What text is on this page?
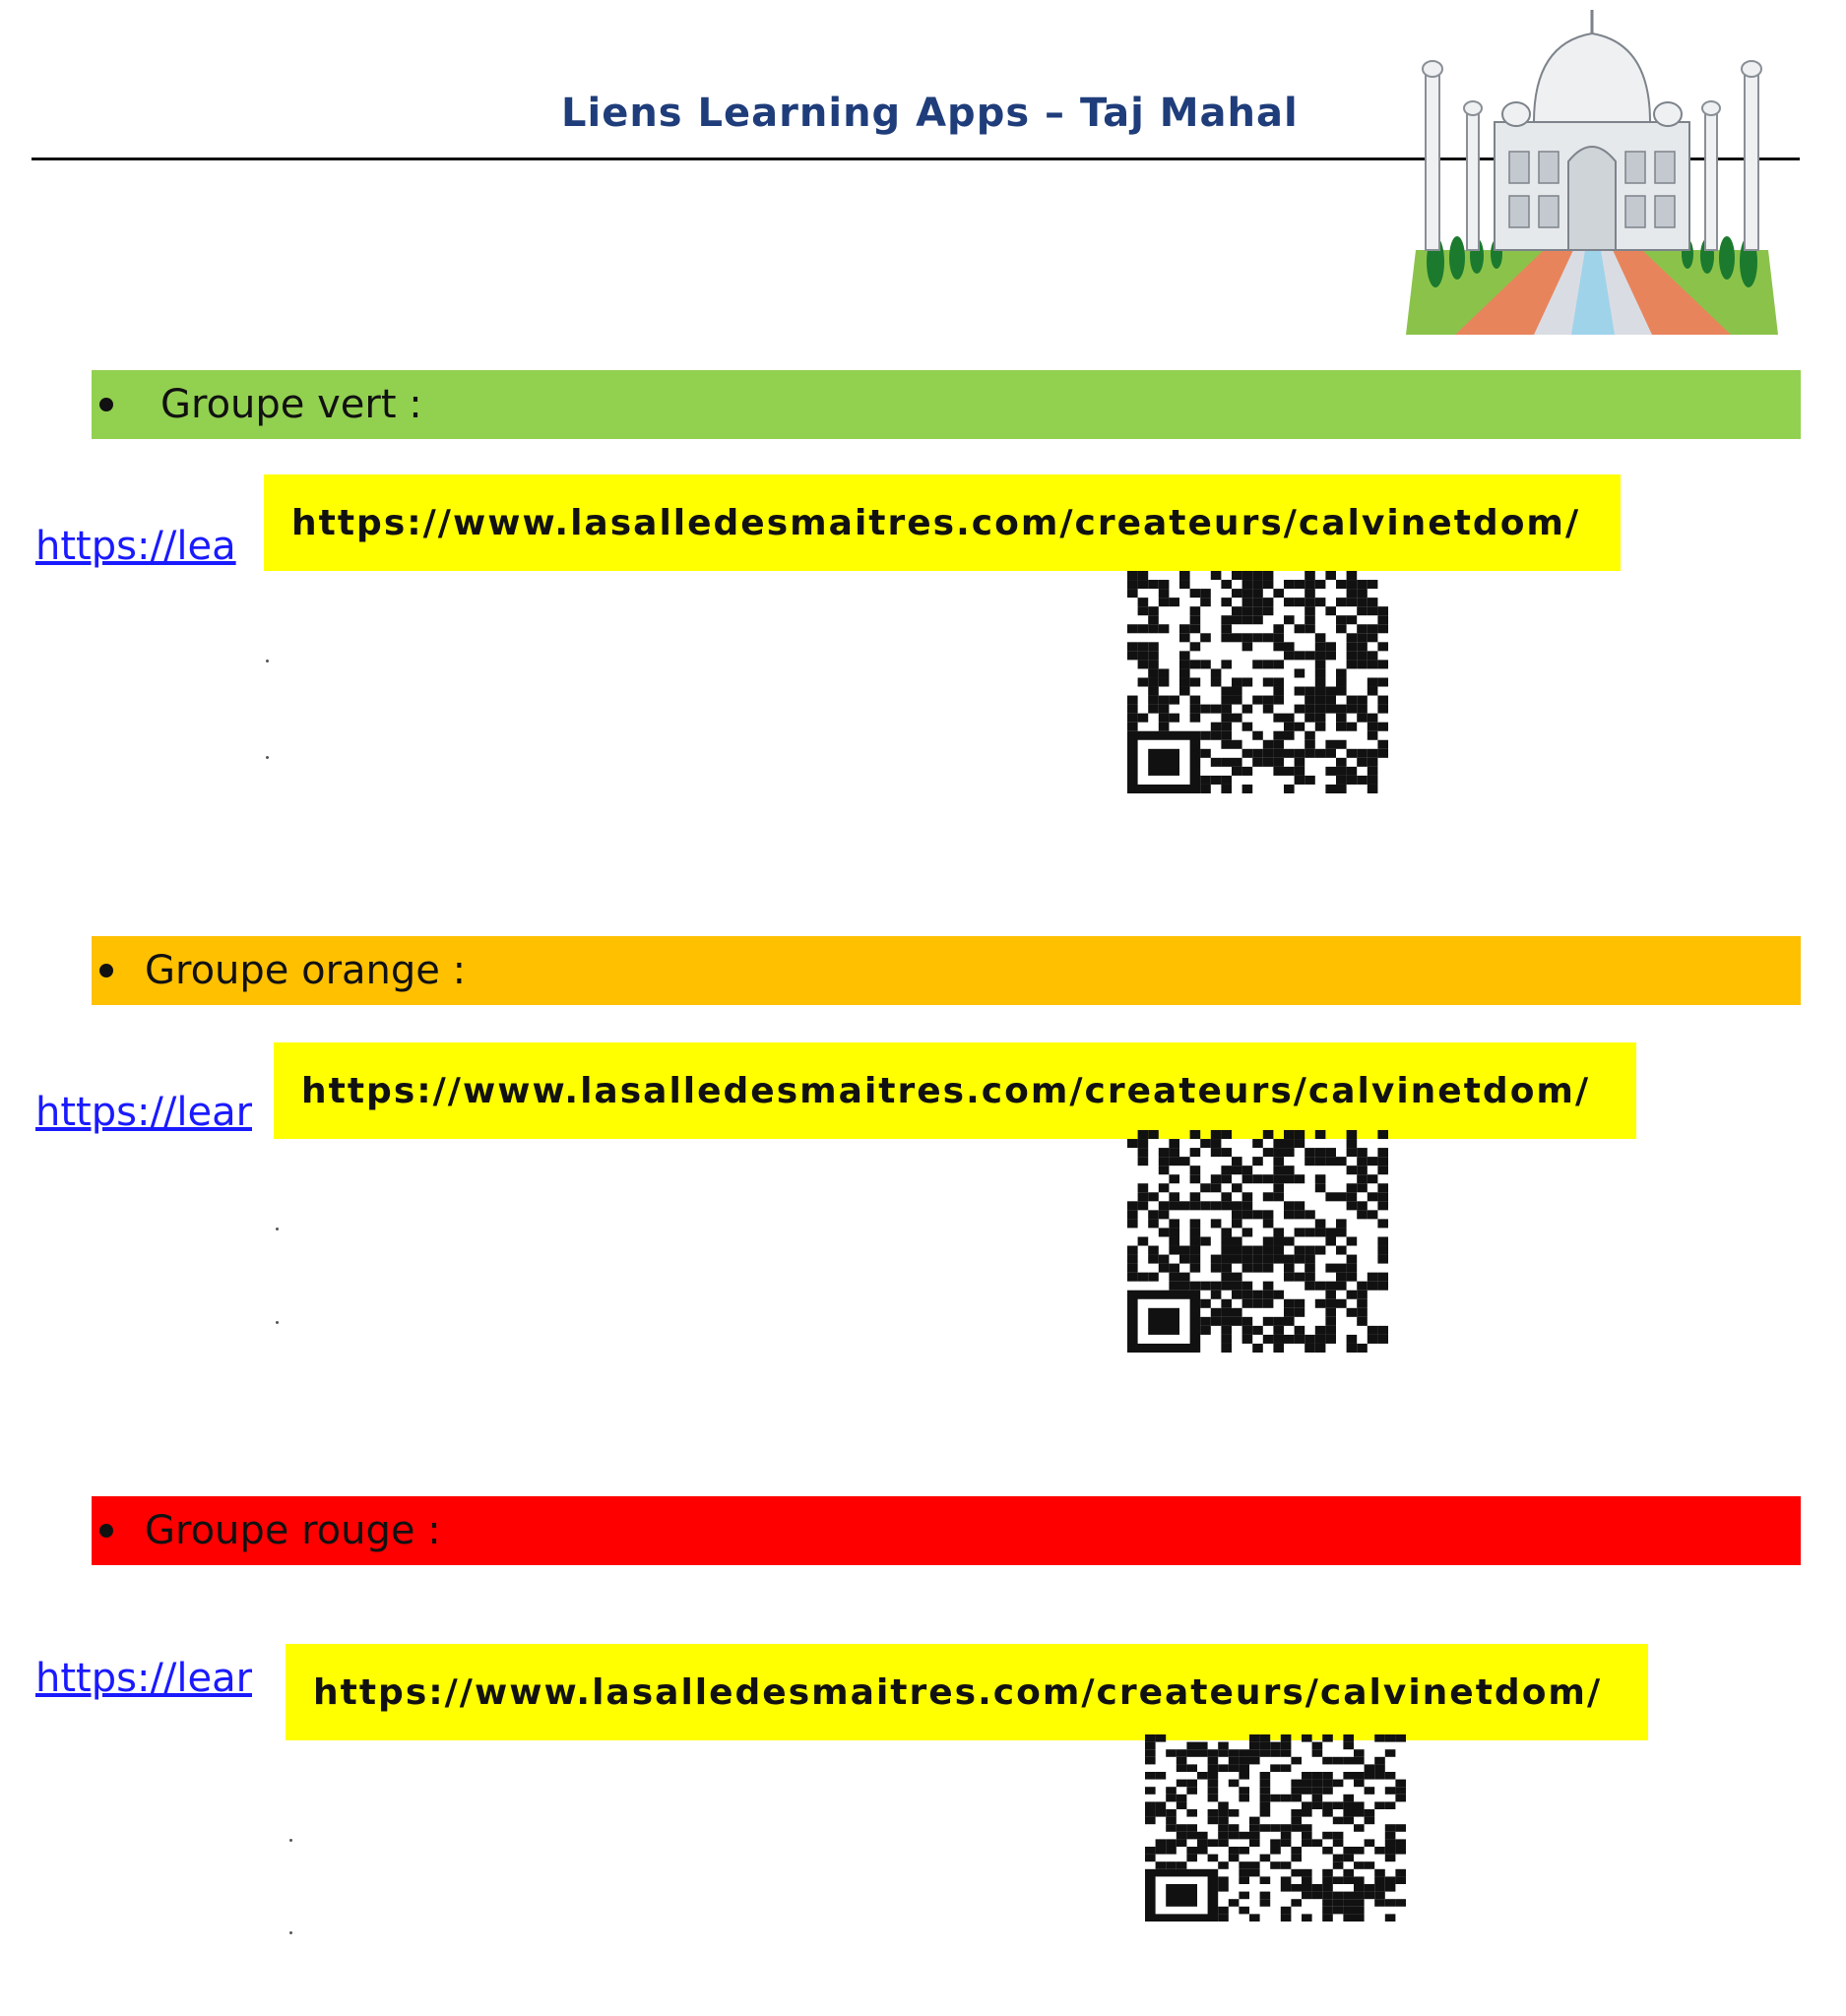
Liens Learning Apps – Taj Mahal
Groupe vert :
https://lea
https://www.lasalledesmaitres.com/createurs/calvinetdom/
Groupe orange :
https://lear	https://www.lasalledesmaitres.com/createurs/calvinetdom/
Groupe rouge :
https://lear	https://www.lasalledesmaitres.com/createurs/calvinetdom/
